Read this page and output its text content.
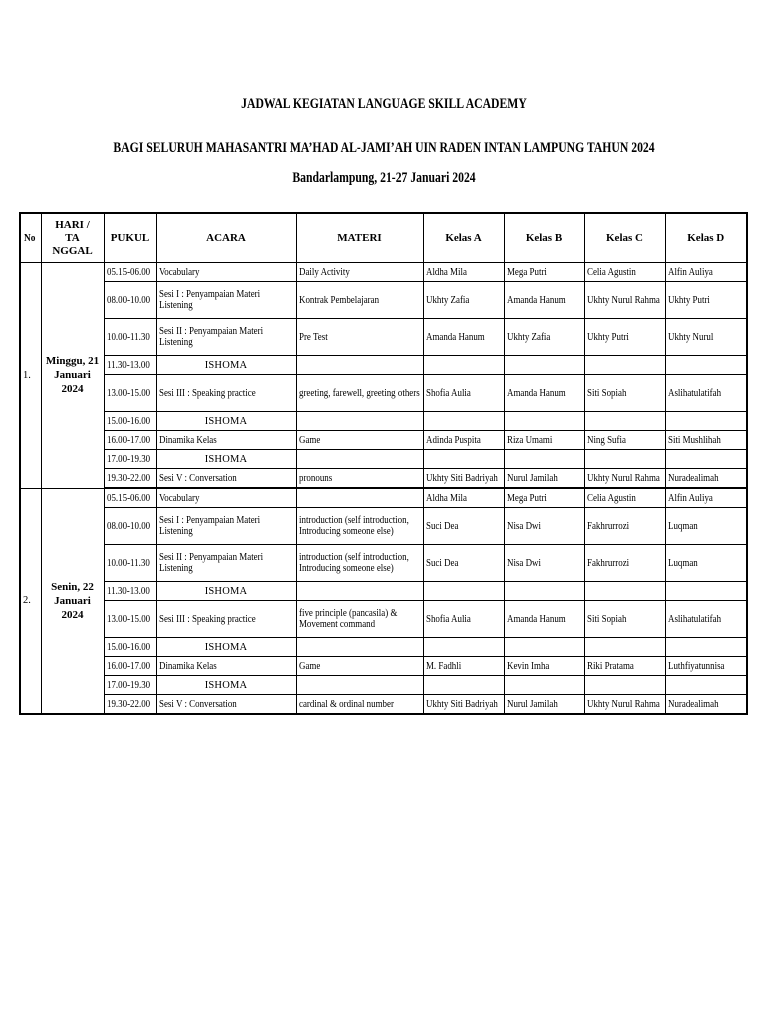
JADWAL KEGIATAN LANGUAGE SKILL ACADEMY
BAGI SELURUH MAHASANTRI MA’HAD AL-JAMI’AH UIN RADEN INTAN LAMPUNG TAHUN 2024
Bandarlampung, 21-27 Januari 2024
No	HARI / TA NGGAL	PUKUL	ACARA	MATERI	Kelas A	Kelas B	Kelas C	Kelas D
1.	Minggu, 21 Januari 2024	05.15-06.00	Vocabulary	Daily Activity	Aldha Mila	Mega Putri	Celia Agustin	Alfin Auliya
		08.00-10.00	Sesi I : Penyampaian Materi Listening	Kontrak Pembelajaran	Ukhty Zafia	Amanda Hanum	Ukhty Nurul Rahma	Ukhty Putri
		10.00-11.30	Sesi II : Penyampaian Materi Listening	Pre Test	Amanda Hanum	Ukhty Zafia	Ukhty Putri	Ukhty Nurul
		11.30-13.00	ISHOMA					
		13.00-15.00	Sesi III : Speaking practice	greeting, farewell, greeting others	Shofia Aulia	Amanda Hanum	Siti Sopiah	Aslihatulatifah
		15.00-16.00	ISHOMA					
		16.00-17.00	Dinamika Kelas	Game	Adinda Puspita	Riza Umami	Ning Sufia	Siti Mushlihah
		17.00-19.30	ISHOMA					
		19.30-22.00	Sesi V : Conversation	pronouns	Ukhty Siti Badriyah	Nurul Jamilah	Ukhty Nurul Rahma	Nuradealimah
2.	Senin, 22 Januari 2024	05.15-06.00	Vocabulary		Aldha Mila	Mega Putri	Celia Agustin	Alfin Auliya
		08.00-10.00	Sesi I : Penyampaian Materi Listening	introduction (self introduction, Introducing someone else)	Suci Dea	Nisa Dwi	Fakhrurrozi	Luqman
		10.00-11.30	Sesi II : Penyampaian Materi Listening	introduction (self introduction, Introducing someone else)	Suci Dea	Nisa Dwi	Fakhrurrozi	Luqman
		11.30-13.00	ISHOMA					
		13.00-15.00	Sesi III : Speaking practice	five principle (pancasila) & Movement command	Shofia Aulia	Amanda Hanum	Siti Sopiah	Aslihatulatifah
		15.00-16.00	ISHOMA					
		16.00-17.00	Dinamika Kelas	Game	M. Fadhli	Kevin Imha	Riki Pratama	Luthfiyatunnisa
		17.00-19.30	ISHOMA					
		19.30-22.00	Sesi V : Conversation	cardinal & ordinal number	Ukhty Siti Badriyah	Nurul Jamilah	Ukhty Nurul Rahma	Nuradealimah
